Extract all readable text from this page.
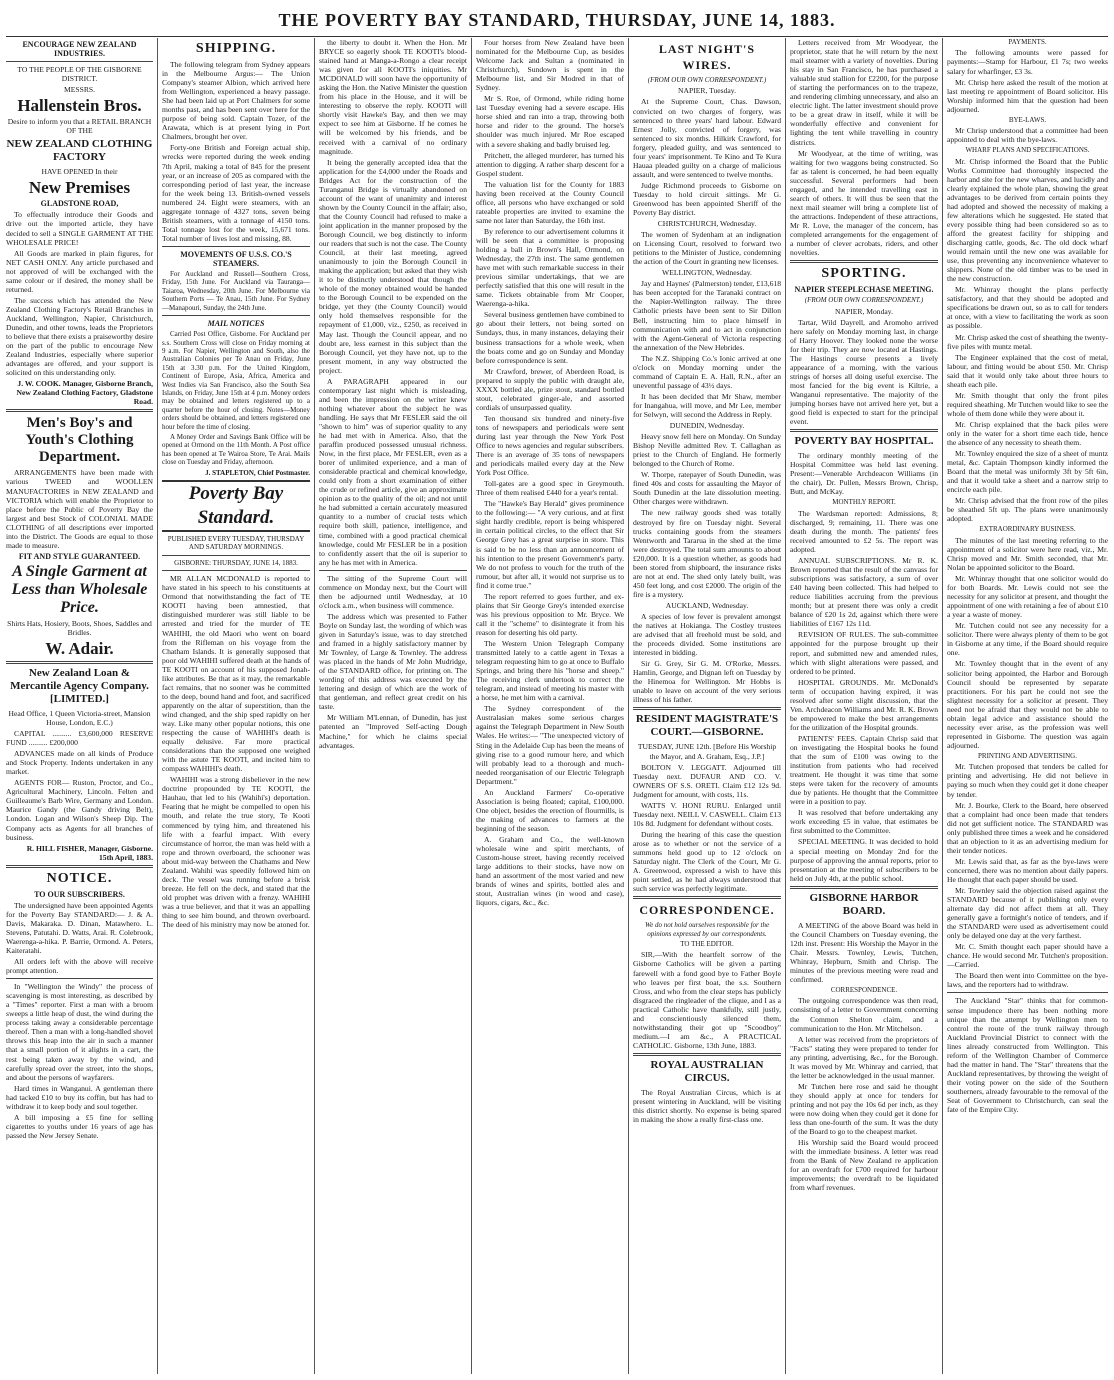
THE POVERTY BAY STANDARD, THURSDAY, JUNE 14, 1883.
ENCOURAGE NEW ZEALAND INDUSTRIES.

TO THE PEOPLE OF THE GISBORNE DISTRICT.

MESSRS.

Hallenstein Bros.

Desire to inform you that a RETAIL BRANCH OF THE

NEW ZEALAND CLOTHING FACTORY

HAVE OPENED In their

New Premises
GLADSTONE ROAD,

To effectually introduce their Goods and drive out the imported article, they have decided to sell a SINGLE GARMENT AT THE WHOLESALE PRICE!

All Goods are marked in plain figures, for NET CASH ONLY. Any article purchased and not approved of will be exchanged with the same colour or if desired, the money shall be returned.

The success which has attended the New Zealand Clothing Factory's Retail Branches in Auckland, Wellington, Napier, Christchurch, Dunedin, and other towns, leads the Proprietors to believe that there exists a praiseworthy desire on the part of the public to encourage New Zealand Industries, especially where superior advantages are offered, and your support is solicited on this understanding only.

J. W. COOK. Manager, Gisborne Branch, New Zealand Clothing Factory, Gladstone Road.

Men's Boy's and Youth's Clothing Department.

ARRANGEMENTS have been made with various TWEED and WOOLLEN MANUFACTORIES in NEW ZEALAND and VICTORIA which will enable the Proprietor to place before the Public of Poverty Bay the largest and best Stock of COLONIAL MADE CLOTHING of all descriptions ever imported into the District. The Goods are equal to those made to measure.

FIT AND STYLE GUARANTEED.
A Single Garment at Less than Wholesale Price.

Shirts Hats, Hosiery, Boots, Shoes, Saddles and Bridles.

W. Adair.
New Zealand Loan & Mercantile Agency Company. [LIMITED.]

Head Office, 1 Queen Victoria-street, Mansion House, London, E.C.)

CAPITAL .......... £3,600,000 RESERVE FUND .......... £200,000

ADVANCES made on all kinds of Produce and Stock Property. Indents undertaken in any market.

AGENTS FOR— Ruston, Proctor, and Co., Agricultural Machinery, Lincoln. Felten and Guilleaume's Barb Wire, Germany and London. Maurice Gandy (the Gandy driving Belt), London. Logan and Wilson's Sheep Dip. The Company acts as Agents for all branches of business.

R. HILL FISHER, Manager, Gisborne. 15th April, 1883.

NOTICE.
TO OUR SUBSCRIBERS.

The undersigned have been appointed Agents for the Poverty Bay STANDARD:— J. & A. Davis, Makaraka. D. Dinan, Matawhero. L. Stevens, Patutahi. D. Watts, Arai. R. Colebrook, Waerenga-a-hika. P. Barrie, Ormond. A. Peters, Kaiteratahi.

All orders left with the above will receive prompt attention.

In "Wellington the Windy" the process of scavenging is most interesting, as described by a "Times" reporter. First a man with a broom sweeps a little heap of dust, the wind during the process taking away a considerable percentage thereof. Then a man with a long-handled shovel throws this heap into the air in such a manner that a small portion of it alights in a cart, the rest being taken away by the wind, and carefully spread over the street, into the shops, and about the persons of wayfarers.

Hard times in Wanganui. A gentleman there had tacked £10 to buy its coffin, but has had to withdraw it to keep body and soul together.

A bill imposing a £5 fine for selling cigarettes to youths under 16 years of age has passed the New Jersey Senate.

SHIPPING.

The following telegram from Sydney appears in the Melbourne Argus:— The Union Company's steamer Albion, which arrived here from Wellington, experienced a heavy passage. She had been laid up at Port Chalmers for some months past, and has been sent over here for the purpose of being sold. Captain Tozer, of the Arawata, which is at present lying in Port Chalmers, brought her over.

Forty-one British and Foreign actual ship, wrecks were reported during the week ending 7th April, making a total of 845 for the present year, or an increase of 205 as compared with the corresponding period of last year, the increase for the week being 13. British-owned vessels numbered 24. Eight were steamers, with an aggregate tonnage of 4327 tons, seven being British steamers, with a tonnage of 4150 tons. Total tonnage lost for the week, 15,671 tons. Total number of lives lost and missing, 88.

MOVEMENTS OF U.S.S. CO.'S STEAMERS.

For Auckland and Russell—Southern Cross, Friday, 15th June. For Auckland via Tauranga—Taiaroa, Wednesday, 20th June. For Melbourne via Southern Ports — Te Anau, 15th June. For Sydney—Manapouri, Sunday, the 24th June.

MAIL NOTICES

Carried Post Office, Gisborne. For Auckland per s.s. Southern Cross will close on Friday morning at 9 a.m. For Napier, Wellington and South, also the Australian Colonies per Te Anau on Friday, June 15th at 3.30 p.m. For the United Kingdom, Continent of Europe, Asia, Africa, America and West Indies via San Francisco, also the South Sea Islands, on Friday, June 15th at 4 p.m. Money orders may be obtained and letters registered up to a quarter before the hour of closing. Notes—Money orders should be obtained, and letters registered one hour before the time of closing.

A Money Order and Savings Bank Office will be opened at Ormond on the 11th Month. A Post office has been opened at Te Wairoa Store, Te Arai. Mails close on Tuesday and Friday, afternoon.

J. STAPLETON, Chief Postmaster.

Poverty Bay Standard.

PUBLISHED EVERY TUESDAY, THURSDAY AND SATURDAY MORNINGS.

GISBORNE: THURSDAY, JUNE 14, 1883.

MR ALLAN MCDONALD is reported to have stated in his speech to his constituents at Ormond that notwithstanding the fact of TE KOOTI having been amnestied, that distinguished murderer was still liable to be arrested and tried for the murder of TE WAHIHI, the old Maori who went on board from the Rifleman on his voyage from the Chatham Islands. It is generally supposed that poor old WAHIHI suffered death at the hands of TE KOOTI on account of his supposed Jonah-like attributes. Be that as it may, the remarkable fact remains, that no sooner was he committed to the deep, bound hand and foot, and sacrificed apparently on the altar of superstition, than the wind changed, and the ship sped rapidly on her way. Like many other popular notions, this one respecting the cause of WAHIHI's death is equally delusive. Far more practical considerations than the supposed one weighed with the astute TE KOOTI, and incited him to compass WAHIHI's death.

WAHIHI was a strong disbeliever in the new doctrine propounded by TE KOOTI, the Hauhau, that led to his (Wahihi's) deportation. Fearing that he might be compelled to open his mouth, and relate the true story, Te Kooti commenced by tying him, and threatened his life with a fearful impact. With every circumstance of horror, the man was held with a rope and thrown overboard, the schooner was about mid-way between the Chathams and New Zealand. Wahihi was speedily followed him on deck. The vessel was running before a brisk breeze. He fell on the deck, and stated that the old prophet was driven with a frenzy. WAHIHI was a true believer, and that it was an appalling thing to see him bound, and thrown overboard. The deed of his ministry may now be atoned for.

the liberty to doubt it. When the Hon. Mr BRYCE so eagerly shook TE KOOTI's blood-stained hand at Manga-a-Rongo a clear receipt was given for all KOOTI's iniquities. Mr MCDONALD will soon have the opportunity of asking the Hon. the Native Minister the question from his place in the House, and it will be interesting to observe the reply. KOOTI will shortly visit Hawke's Bay, and then we may expect to see him at Gisborne. If he comes he will be welcomed by his friends, and be received with a carnival of no ordinary magnitude.

It being the generally accepted idea that the application for the £4,000 under the Roads and Bridges Act for the construction of the Turanganui Bridge is virtually abandoned on account of the want of unanimity and interest shown by the County Council in the affair; also, that the County Council had refused to make a joint application in the manner proposed by the Borough Council, we beg distinctly to inform our readers that such is not the case. The County Council, at their last meeting, agreed unanimously to join the Borough Council in making the application; but asked that they wish it to be distinctly understood that though the whole of the money obtained would be handed to the Borough Council to be expended on the bridge, yet they (the County Council) would only hold themselves responsible for the repayment of £1,000, viz., £250, as received in May last. Though the Council appear, and no doubt are, less earnest in this subject than the Borough Council, yet they have not, up to the present moment, in any way obstructed the project.

A PARAGRAPH appeared in our contemporary last night which is misleading, and been the impression on the writer knew nothing whatever about the subject he was handling. He says that Mr FESLER said the oil "shown to him" was of superior quality to any he had met with in America. Also, that the paraffin produced possessed unusual richness. Now, in the first place, Mr FESLER, even as a borer of unlimited experience, and a man of considerable practical and chemical knowledge, could only from a short examination of either the crude or refined article, give an approximate opinion as to the quality of the oil; and not until he had submitted a certain accurately measured quantity to a number of crucial tests which require both skill, patience, intelligence, and time, combined with a good practical chemical knowledge, could Mr FESLER be in a position to confidently assert that the oil is superior to any he has met with in America.

The sitting of the Supreme Court will commence on Monday next, but the Court will then be adjourned until Wednesday, at 10 o'clock a.m., when business will commence.

The address which was presented to Father Boyle on Sunday last, the wording of which was given in Saturday's issue, was to day stretched and framed in a highly satisfactory manner by Mr Townley, of Large & Townley. The address was placed in the hands of Mr John Mudridge, of the STANDARD office, for printing on. The wording of this address was executed by the lettering and design of which are the work of that gentleman, and reflect great credit on his taste.

Mr William M'Lennan, of Dunedin, has just patented an "Improved Self-acting Dough Machine," for which he claims special advantages.

Four horses from New Zealand have been nominated for the Melbourne Cup, as besides Welcome Jack and Sultan a (nominated in Christchurch), Sundown is spent in the Melbourne list, and Sir Modred in that of Sydney.

Mr S. Roe, of Ormond, while riding home last Tuesday evening had a severe escape. His horse shied and ran into a trap, throwing both horse and rider to the ground. The horse's shoulder was much injured. Mr Roe escaped with a severe shaking and badly bruised leg.

Pritchett, the alleged murderer, has turned his attention to digging. A rather sharp descent for a Gospel student.

The valuation list for the County for 1883 having been received at the County Council office, all persons who have exchanged or sold rateable properties are invited to examine the same not later than Saturday, the 16th inst.

By reference to our advertisement columns it will be seen that a committee is proposing holding a ball in Brown's Hall, Ormond, on Wednesday, the 27th inst. The same gentlemen have met with such remarkable success in their previous similar undertakings, that we are perfectly satisfied that this one will result in the same. Tickets obtainable from Mr Cooper, Waerenga-a-hika.

Several business gentlemen have combined to go about their letters, not being sorted on Sundays, thus, in many instances, delaying their business transactions for a whole week, when the boats come and go on Sunday and Monday before correspondence is sent.

Mr Crawford, brewer, of Aberdeen Road, is prepared to supply the public with draught ale, XXXX bottled ale, prize stout, standard bottled stout, celebrated ginger-ale, and assorted cordials of unsurpassed quality.

Ten thousand six hundred and ninety-five tons of newspapers and periodicals were sent during last year through the New York Post Office to news agencies and regular subscribers. There is an average of 35 tons of newspapers and periodicals mailed every day at the New York Post Office.

Toll-gates are a good spec in Greymouth. Three of them realised £440 for a year's rental.

The "Hawke's Bay Herald" gives prominence to the following:— "A very curious, and at first sight hardly credible, report is being whispered in certain political circles, to the effect that Sir George Grey has a great surprise in store. This is said to be no less than an announcement of his intention to the present Government's party. We do not profess to vouch for the truth of the rumour, but after all, it would not surprise us to find it come true."

The report referred to goes further, and ex-plains that Sir George Grey's intended exercise was his previous opposition to Mr. Bryce. We call it the "scheme" to disintegrate it from his reason for deserting his old party.

The Western Union Telegraph Company transmitted lately to a cattle agent in Texas a telegram requesting him to go at once to Buffalo Springs, and bring there his "horse and sheep." The receiving clerk undertook to correct the telegram, and instead of meeting his master with a horse, he met him with a carnival.

The Sydney correspondent of the Australasian makes some serious charges against the Telegraph Department in New South Wales. He writes:— "The unexpected victory of Sting in the Adelaide Cup has been the means of giving rise to a good rumour here, and which will probably lead to a thorough and much-needed reorganisation of our Electric Telegraph Department."

An Auckland Farmers' Co-operative Association is being floated; capital, £100,000. One object, besides the erection of flourmills, is the making of advances to farmers at the beginning of the season.

A. Graham and Co., the well-known wholesale wine and spirit merchants, of Custom-house street, having recently received large additions to their stocks, have now on hand an assortment of the most varied and new brands of wines and spirits, bottled ales and stout, Australian wines (in wood and case), liquors, cigars, &c., &c.

LAST NIGHT'S WIRES.

(FROM OUR OWN CORRESPONDENT.)

NAPIER, Tuesday.

At the Supreme Court, Chas. Dawson, convicted on two charges of forgery, was sentenced to three years' hard labour. Edward Ernest Jolly, convicted of forgery, was sentenced to six months. Hilkirk Crawford, for forgery, pleaded guilty, and was sentenced to four years' imprisonment. Te Kino and Te Kura Hauaa pleaded guilty on a charge of malicious assault, and were sentenced to twelve months.

Judge Richmond proceeds to Gisborne on Tuesday to hold circuit sittings. Mr G. Greenwood has been appointed Sheriff of the Poverty Bay district.

CHRISTCHURCH, Wednesday.

The women of Sydenham at an indignation on Licensing Court, resolved to forward two petitions to the Minister of Justice, condemning the action of the Court in granting new licenses.

WELLINGTON, Wednesday.

Jay and Haynes' (Palmerston) tender, £13,618 has been accepted for the Taranaki contract on the Napier-Wellington railway. The three Catholic priests have been sent to Sir Dillon Bell, instructing him to place himself in communication with and to act in conjunction with the Agent-General of Victoria respecting the annexation of the New Hebrides.

The N.Z. Shipping Co.'s Ionic arrived at one o'clock on Monday morning under the command of Captain E. A. Hall, R.N., after an uneventful passage of 43½ days.

It has been decided that Mr Shaw, member for Inangahua, will move, and Mr Lee, member for Selwyn, will second the Address in Reply.

DUNEDIN, Wednesday.

Heavy snow fell here on Monday. On Sunday Bishop Neville admitted Rev. T. Callaghan as priest to the Church of England. He formerly belonged to the Church of Rome.

W. Thorpe, ratepayer of South Dunedin, was fined 40s and costs for assaulting the Mayor of South Dunedin at the late dissolution meeting. Other charges were withdrawn.

The new railway goods shed was totally destroyed by fire on Tuesday night. Several trucks containing goods from the steamers Wentworth and Tararua in the shed at the time were destroyed. The total sum amounts to about £20,000. It is a question whether, as goods had been stored from shipboard, the insurance risks are not at end. The shed only lately built, was 450 feet long, and cost £2000. The origin of the fire is a mystery.

AUCKLAND, Wednesday.

A species of low fever is prevalent amongst the natives at Hokianga. The Costley trustees are advised that all freehold must be sold, and the proceeds divided. Some institutions are interested in bidding.

Sir G. Grey, Sir G. M. O'Rorke, Messrs. Hamlin, George, and Dignan left on Tuesday by the Hinemoa for Wellington. Mr Hobbs is unable to leave on account of the very serious illness of his father.

RESIDENT MAGISTRATE'S COURT.—GISBORNE.

TUESDAY, JUNE 12th. [Before His Worship the Mayor, and A. Graham, Esq., J.P.]

BOLTON V. LEGGATT. Adjourned till Tuesday next. DUFAUR AND CO. V. OWNERS OF S.S. ORETI. Claim £12 12s 9d. Judgment for amount, with costs, 11s.

WATTS V. HONI RURU. Enlarged until Tuesday next. NEILL V. CASWELL. Claim £13 10s 8d. Judgment for defendant without costs.

During the hearing of this case the question arose as to whether or not the service of a summons held good up to 12 o'clock on Saturday night. The Clerk of the Court, Mr G. A. Greenwood, expressed a wish to have this point settled, as he had always understood that such service was perfectly legitimate.

CORRESPONDENCE.

We do not hold ourselves responsible for the opinions expressed by our correspondents.

TO THE EDITOR.

SIR,—With the heartfelt sorrow of the Gisborne Catholics will be given a parting farewell with a fond good bye to Father Boyle who leaves per first boat, the s.s. Southern Cross, and who from the clear steps has publicly disgraced the ringleader of the clique, and I as a practical Catholic have thankfully, still justly, and conscientiously silenced them, notwithstanding their got up "Scoodboy" medium.—I am &c., A PRACTICAL CATHOLIC. Gisborne, 13th June, 1883.

ROYAL AUSTRALIAN CIRCUS.

The Royal Australian Circus, which is at present wintering in Auckland, will be visiting this district shortly. No expense is being spared in making the show a really first-class one.

Letters received from Mr Woodyear, the proprietor, state that he will return by the next mail steamer with a variety of novelties. During his stay in San Francisco, he has purchased a valuable stud stallion for £2200, for the purpose of starting the performances on to the trapeze, and rendering climbing unnecessary, and also an electric light. The latter investment should prove to be a great draw in itself, while it will be wonderfully effective and convenient for lighting the tent while travelling in country districts.

Mr Woodyear, at the time of writing, was waiting for two waggons being constructed. So far as talent is concerned, he had been equally successful. Several performers had been engaged, and he intended travelling east in search of others. It will thus be seen that the next mail steamer will bring a complete list of the attractions. Independent of these attractions, Mr R. Love, the manager of the concern, has completed arrangements for the engagement of a number of clever acrobats, riders, and other novelties.

SPORTING.
NAPIER STEEPLECHASE MEETING.

(FROM OUR OWN CORRESPONDENT.)

NAPIER, Monday.

Tartar, Wild Dayrell, and Aromoho arrived here safely on Monday morning last, in charge of Harry Hoover. They looked none the worse for their trip. They are now located at Hastings. The Hastings course presents a lively appearance of a morning, with the various strings of horses all doing useful exercise. The most fancied for the big event is Kiltrie, a Wanganui representative. The majority of the jumping horses have not arrived here yet, but a good field is expected to start for the principal event.

POVERTY BAY HOSPITAL.

The ordinary monthly meeting of the Hospital Committee was held last evening. Present:—Venerable Archdeacon Williams (in the chair), Dr. Pullen, Messrs Brown, Chrisp, Butt, and McKay.

MONTHLY REPORT.

The Wardsman reported: Admissions, 8; discharged, 9; remaining, 11. There was one death during the month. The patients' fees received amounted to £2 5s. The report was adopted.

ANNUAL SUBSCRIPTIONS. Mr R. K. Brown reported that the result of the canvass for subscriptions was satisfactory, a sum of over £40 having been collected. This had helped to reduce liabilities accruing from the previous month; but at present there was only a credit balance of £20 1s 2d, against which there were liabilities of £167 12s 11d.

REVISION OF RULES. The sub-committee appointed for the purpose brought up their report, and submitted new and amended rules, which with slight alterations were passed, and ordered to be printed.

HOSPITAL GROUNDS. Mr. McDonald's term of occupation having expired, it was resolved after some slight discussion, that the Ven. Archdeacon Williams and Mr. R. K. Brown be empowered to make the best arrangements for the utilization of the Hospital grounds.

PATIENTS' FEES. Captain Chrisp said that on investigating the Hospital books he found that the sum of £100 was owing to the institution from patients who had received treatment. He thought it was time that some steps were taken for the recovery of amounts due by patients. He thought that the Committee were in a position to pay.

It was resolved that before undertaking any work exceeding £5 in value, that estimates be first submitted to the Committee.

SPECIAL MEETING. It was decided to hold a special meeting on Monday 2nd for the purpose of approving the annual reports, prior to presentation at the meeting of subscribers to be held on July 4th, at the public school.

GISBORNE HARBOR BOARD.

A MEETING of the above Board was held in the Council Chambers on Tuesday evening, the 12th inst. Present: His Worship the Mayor in the Chair. Messrs. Townley, Lewis, Tutchen, Whinray, Hepburn, Smith and Chrisp. The minutes of the previous meeting were read and confirmed.

CORRESPONDENCE.

The outgoing correspondence was then read, consisting of a letter to Government concerning the Common Shelton claim, and a communication to the Hon. Mr Mitchelson.

A letter was received from the proprietors of "Facts" stating they were prepared to tender for any printing, advertising, &c., for the Borough. It was moved by Mr. Whinray and carried, that the letter be acknowledged in the usual manner.

Mr Tutchen here rose and said he thought they should apply at once for tenders for printing and not pay the 10s 6d per inch, as they were now doing when they could get it done for less than one-fourth of the sum. It was the duty of the Board to go to the cheapest market.

His Worship said the Board would proceed with the immediate business. A letter was read from the Bank of New Zealand re application for an overdraft for £700 required for harbour improvements; the overdraft to be liquidated from wharf revenues.

PAYMENTS.

The following amounts were passed for payments:—Stamp for Harbour, £1 7s; two weeks salary for wharfinger, £3 3s.

Mr. Chrisp here asked the result of the motion at last meeting re appointment of Board solicitor. His Worship informed him that the question had been adjourned.

BYE-LAWS.

Mr Chrisp understood that a committee had been appointed to deal with the bye-laws.

WHARF PLANS AND SPECIFICATIONS.

Mr. Chrisp informed the Board that the Public Works Committee had thoroughly inspected the harbor and site for the new wharves, and lucidly and clearly explained the whole plan, showing the great advantages to be derived from certain points they had adopted and showed the necessity of making a few alterations which he suggested. He stated that every possible thing had been considered so as to afford the greatest facility for shipping and discharging cattle, goods, &c. The old dock wharf would remain until the new one was available for use, thus preventing any inconvenience whatever to shippers. None of the old timber was to be used in the new construction.

Mr. Whinray thought the plans perfectly satisfactory, and that they should be adopted and specifications be drawn out, so as to call for tenders at once, with a view to facilitating the work as soon as possible.

Mr. Chrisp asked the cost of sheathing the twenty-five piles with muntz metal.

The Engineer explained that the cost of metal, labour, and fitting would be about £50. Mr. Chrisp said that it would only take about three hours to sheath each pile.

Mr. Smith thought that only the front piles required sheathing. Mr Tutchen would like to see the whole of them done while they were about it.

Mr. Chrisp explained that the back piles were only in the water for a short time each tide, hence the absence of any necessity to sheath them.

Mr. Townley enquired the size of a sheet of muntz metal, &c. Captain Thompson kindly informed the Board that the metal was uniformly 3ft by 5ft 6in, and that it would take a sheet and a narrow strip to encircle each pile.

Mr. Chrisp advised that the front row of the piles be sheathed 5ft up. The plans were unanimously adopted.

EXTRAORDINARY BUSINESS.

The minutes of the last meeting referring to the appointment of a solicitor were here read, viz., Mr. Chrisp moved and Mr. Smith seconded, that Mr. Nolan be appointed solicitor to the Board.

Mr. Whinray thought that one solicitor would do for both Boards. Mr. Lewis could not see the necessity for any solicitor at present, and thought the appointment of one with retaining a fee of about £10 a year a waste of money.

Mr. Tutchen could not see any necessity for a solicitor. There were always plenty of them to be got in Gisborne at any time, if the Board should require one.

Mr. Townley thought that in the event of any solicitor being appointed, the Harbor and Borough Council should be represented by separate practitioners. For his part he could not see the slightest necessity for a solicitor at present. They need not be afraid that they would not be able to obtain legal advice and assistance should the necessity ever arise, as the profession was well represented in Gisborne. The question was again adjourned.

PRINTING AND ADVERTISING.

Mr. Tutchen proposed that tenders be called for printing and advertising. He did not believe in paying so much when they could get it done cheaper by tender.

Mr. J. Bourke, Clerk to the Board, here observed that a complaint had once been made that tenders did not get sufficient notice. The STANDARD was only published three times a week and he considered that an objection to it as an advertising medium for their tender notices.

Mr. Lewis said that, as far as the bye-laws were concerned, there was no mention about daily papers. He thought that each paper should be used.

Mr. Townley said the objection raised against the STANDARD because of it publishing only every alternate day did not affect them at all. They generally gave a fortnight's notice of tenders, and if the STANDARD were used as advertisement could only be delayed one day at the very farthest.

Mr. C. Smith thought each paper should have a chance. He would second Mr. Tutchen's proposition.—Carried.

The Board then went into Committee on the bye-laws, and the reporters had to withdraw.

The Auckland "Star" thinks that for common-sense impudence there has been nothing more unique than the attempt by Wellington men to control the route of the trunk railway through Auckland Provincial District to connect with the lines already constructed from Wellington. This reform of the Wellington Chamber of Commerce had the matter in hand. The "Star" threatens that the Auckland representatives, by throwing the weight of their voting power on the side of the Southern southerners, already favourable to the removal of the Seat of Government to Christchurch, can seal the fate of the Empire City.
